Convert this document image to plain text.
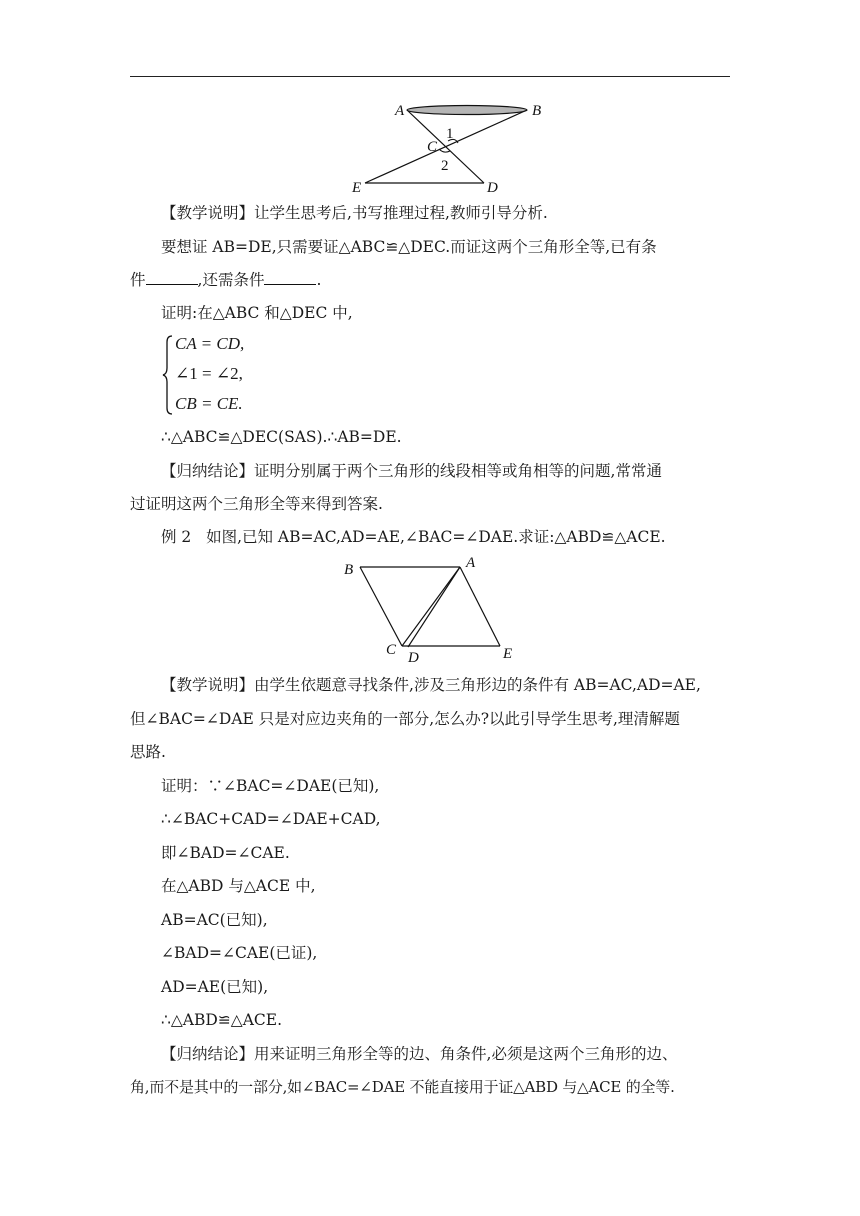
A	B
C
D
E
1
2

【教学说明】让学生思考后,书写推理过程,教师引导分析.

要想证 AB=DE,只需要证△ABC≌△DEC.而证这两个三角形全等,已有条

件	,还需条件	.

证明:在△ABC 和△DEC 中,

CA = CD,
∠1 = ∠2,
CB = CE.

∴△ABC≌△DEC(SAS).∴AB=DE.

【归纳结论】证明分别属于两个三角形的线段相等或角相等的问题,常常通

过证明这两个三角形全等来得到答案.

例 2   如图,已知 AB=AC,AD=AE,∠BAC=∠DAE.求证:△ABD≌△ACE.

A
B
C D	E

【教学说明】由学生依题意寻找条件,涉及三角形边的条件有 AB=AC,AD=AE,

但∠BAC=∠DAE 只是对应边夹角的一部分,怎么办?以此引导学生思考,理清解题

思路.

证明：∵∠BAC=∠DAE(已知),

∴∠BAC+CAD=∠DAE+CAD,

即∠BAD=∠CAE.

在△ABD 与△ACE 中,

AB=AC(已知),

∠BAD=∠CAE(已证),

AD=AE(已知),

∴△ABD≌△ACE.

【归纳结论】用来证明三角形全等的边、角条件,必须是这两个三角形的边、

角,而不是其中的一部分,如∠BAC=∠DAE 不能直接用于证△ABD 与△ACE 的全等.
